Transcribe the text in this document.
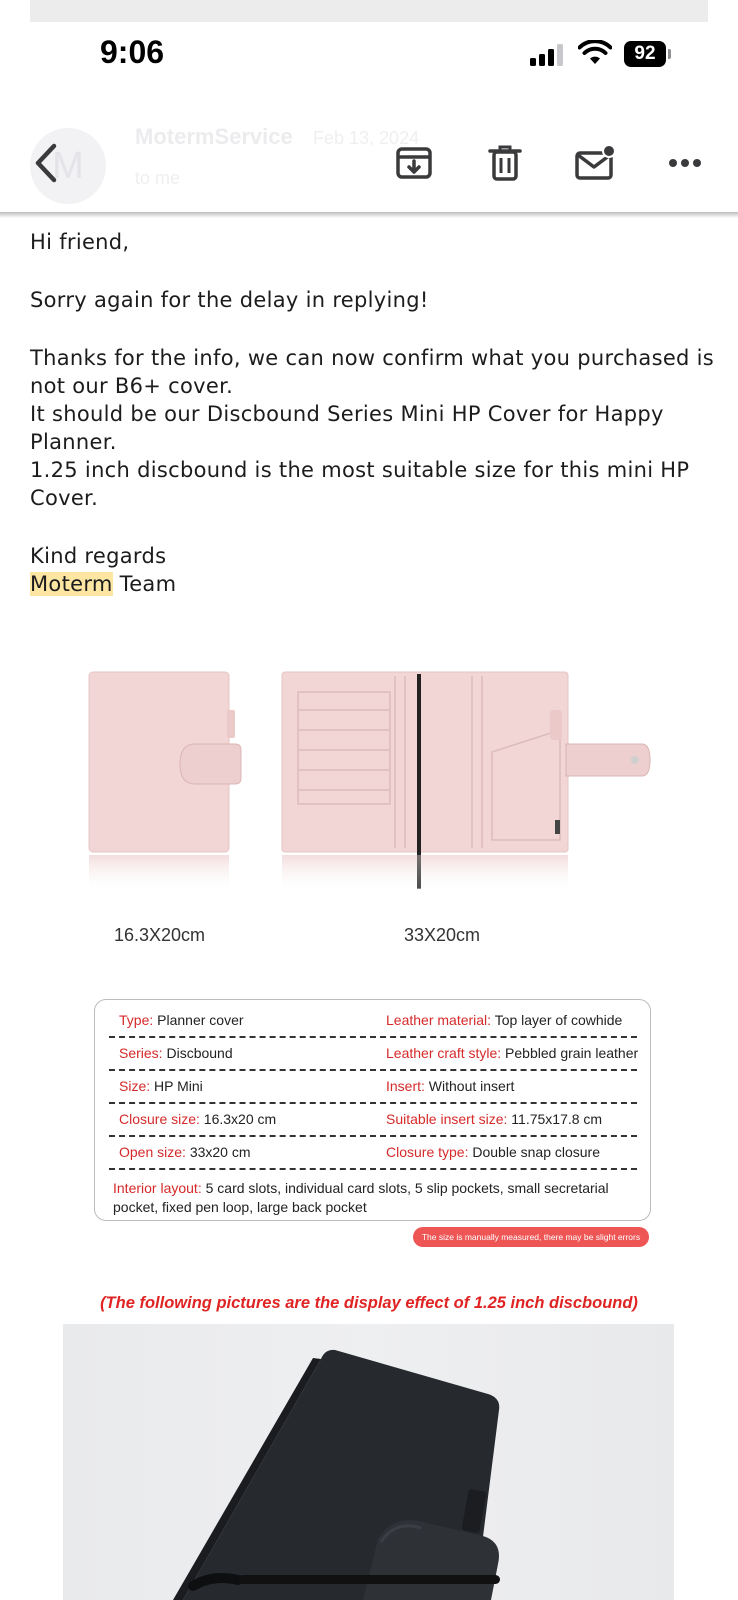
9:06	92
M
MotermService Feb 13, 2024
to me

Hi friend,

Sorry again for the delay in replying!

Thanks for the info, we can now confirm what you purchased is not our B6+ cover.

It should be our Discbound Series Mini HP Cover for Happy Planner.

1.25 inch discbound is the most suitable size for this mini HP Cover.

Kind regards

Moterm Team

16.3X20cm	33X20cm
Type: Planner cover	Leather material: Top layer of cowhide
Series: Discbound	Leather craft style: Pebbled grain leather
Size: HP Mini	Insert: Without insert
Closure size: 16.3x20 cm	Suitable insert size: 11.75x17.8 cm
Open size: 33x20 cm	Closure type: Double snap closure
Interior layout: 5 card slots, individual card slots, 5 slip pockets, small secretarial pocket, fixed pen loop, large back pocket
The size is manually measured, there may be slight errors
(The following pictures are the display effect of 1.25 inch discbound)
